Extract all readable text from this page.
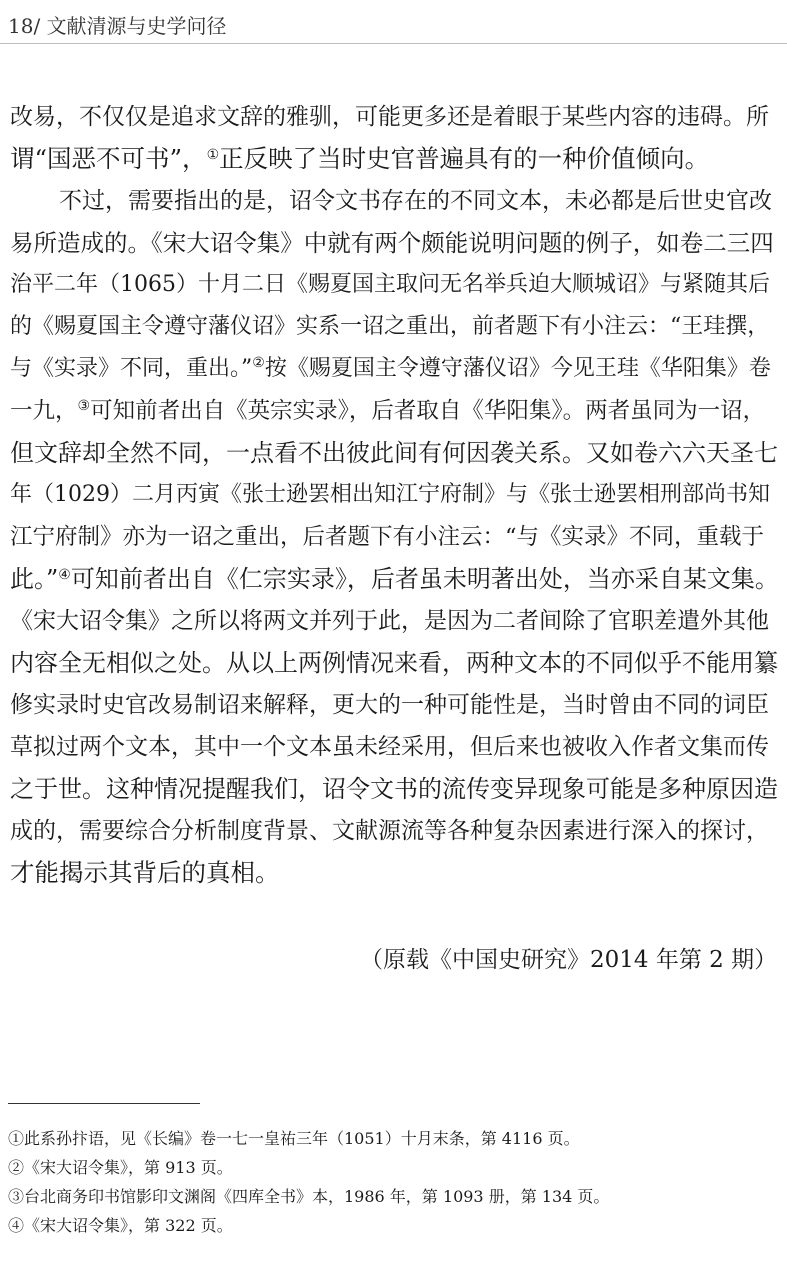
18/ 文献清源与史学问径
改易，不仅仅是追求文辞的雅驯，可能更多还是着眼于某些内容的违碍。所
谓“国恶不可书”，①正反映了当时史官普遍具有的一种价值倾向。
不过，需要指出的是，诏令文书存在的不同文本，未必都是后世史官改
易所造成的。《宋大诏令集》中就有两个颇能说明问题的例子，如卷二三四
治平二年（1065）十月二日《赐夏国主取问无名举兵迫大顺城诏》与紧随其后
的《赐夏国主令遵守藩仪诏》实系一诏之重出，前者题下有小注云：“王珪撰，
与《实录》不同，重出。”②按《赐夏国主令遵守藩仪诏》今见王珪《华阳集》卷
一九，③可知前者出自《英宗实录》，后者取自《华阳集》。两者虽同为一诏，
但文辞却全然不同，一点看不出彼此间有何因袭关系。又如卷六六天圣七
年（1029）二月丙寅《张士逊罢相出知江宁府制》与《张士逊罢相刑部尚书知
江宁府制》亦为一诏之重出，后者题下有小注云：“与《实录》不同，重载于
此。”④可知前者出自《仁宗实录》，后者虽未明著出处，当亦采自某文集。
《宋大诏令集》之所以将两文并列于此，是因为二者间除了官职差遣外其他
内容全无相似之处。从以上两例情况来看，两种文本的不同似乎不能用纂
修实录时史官改易制诏来解释，更大的一种可能性是，当时曾由不同的词臣
草拟过两个文本，其中一个文本虽未经采用，但后来也被收入作者文集而传
之于世。这种情况提醒我们，诏令文书的流传变异现象可能是多种原因造
成的，需要综合分析制度背景、文献源流等各种复杂因素进行深入的探讨，
才能揭示其背后的真相。
（原载《中国史研究》2014 年第 2 期）
①此系孙抃语，见《长编》卷一七一皇祐三年（1051）十月末条，第 4116 页。
②《宋大诏令集》，第 913 页。
③台北商务印书馆影印文渊阁《四库全书》本，1986 年，第 1093 册，第 134 页。
④《宋大诏令集》，第 322 页。
